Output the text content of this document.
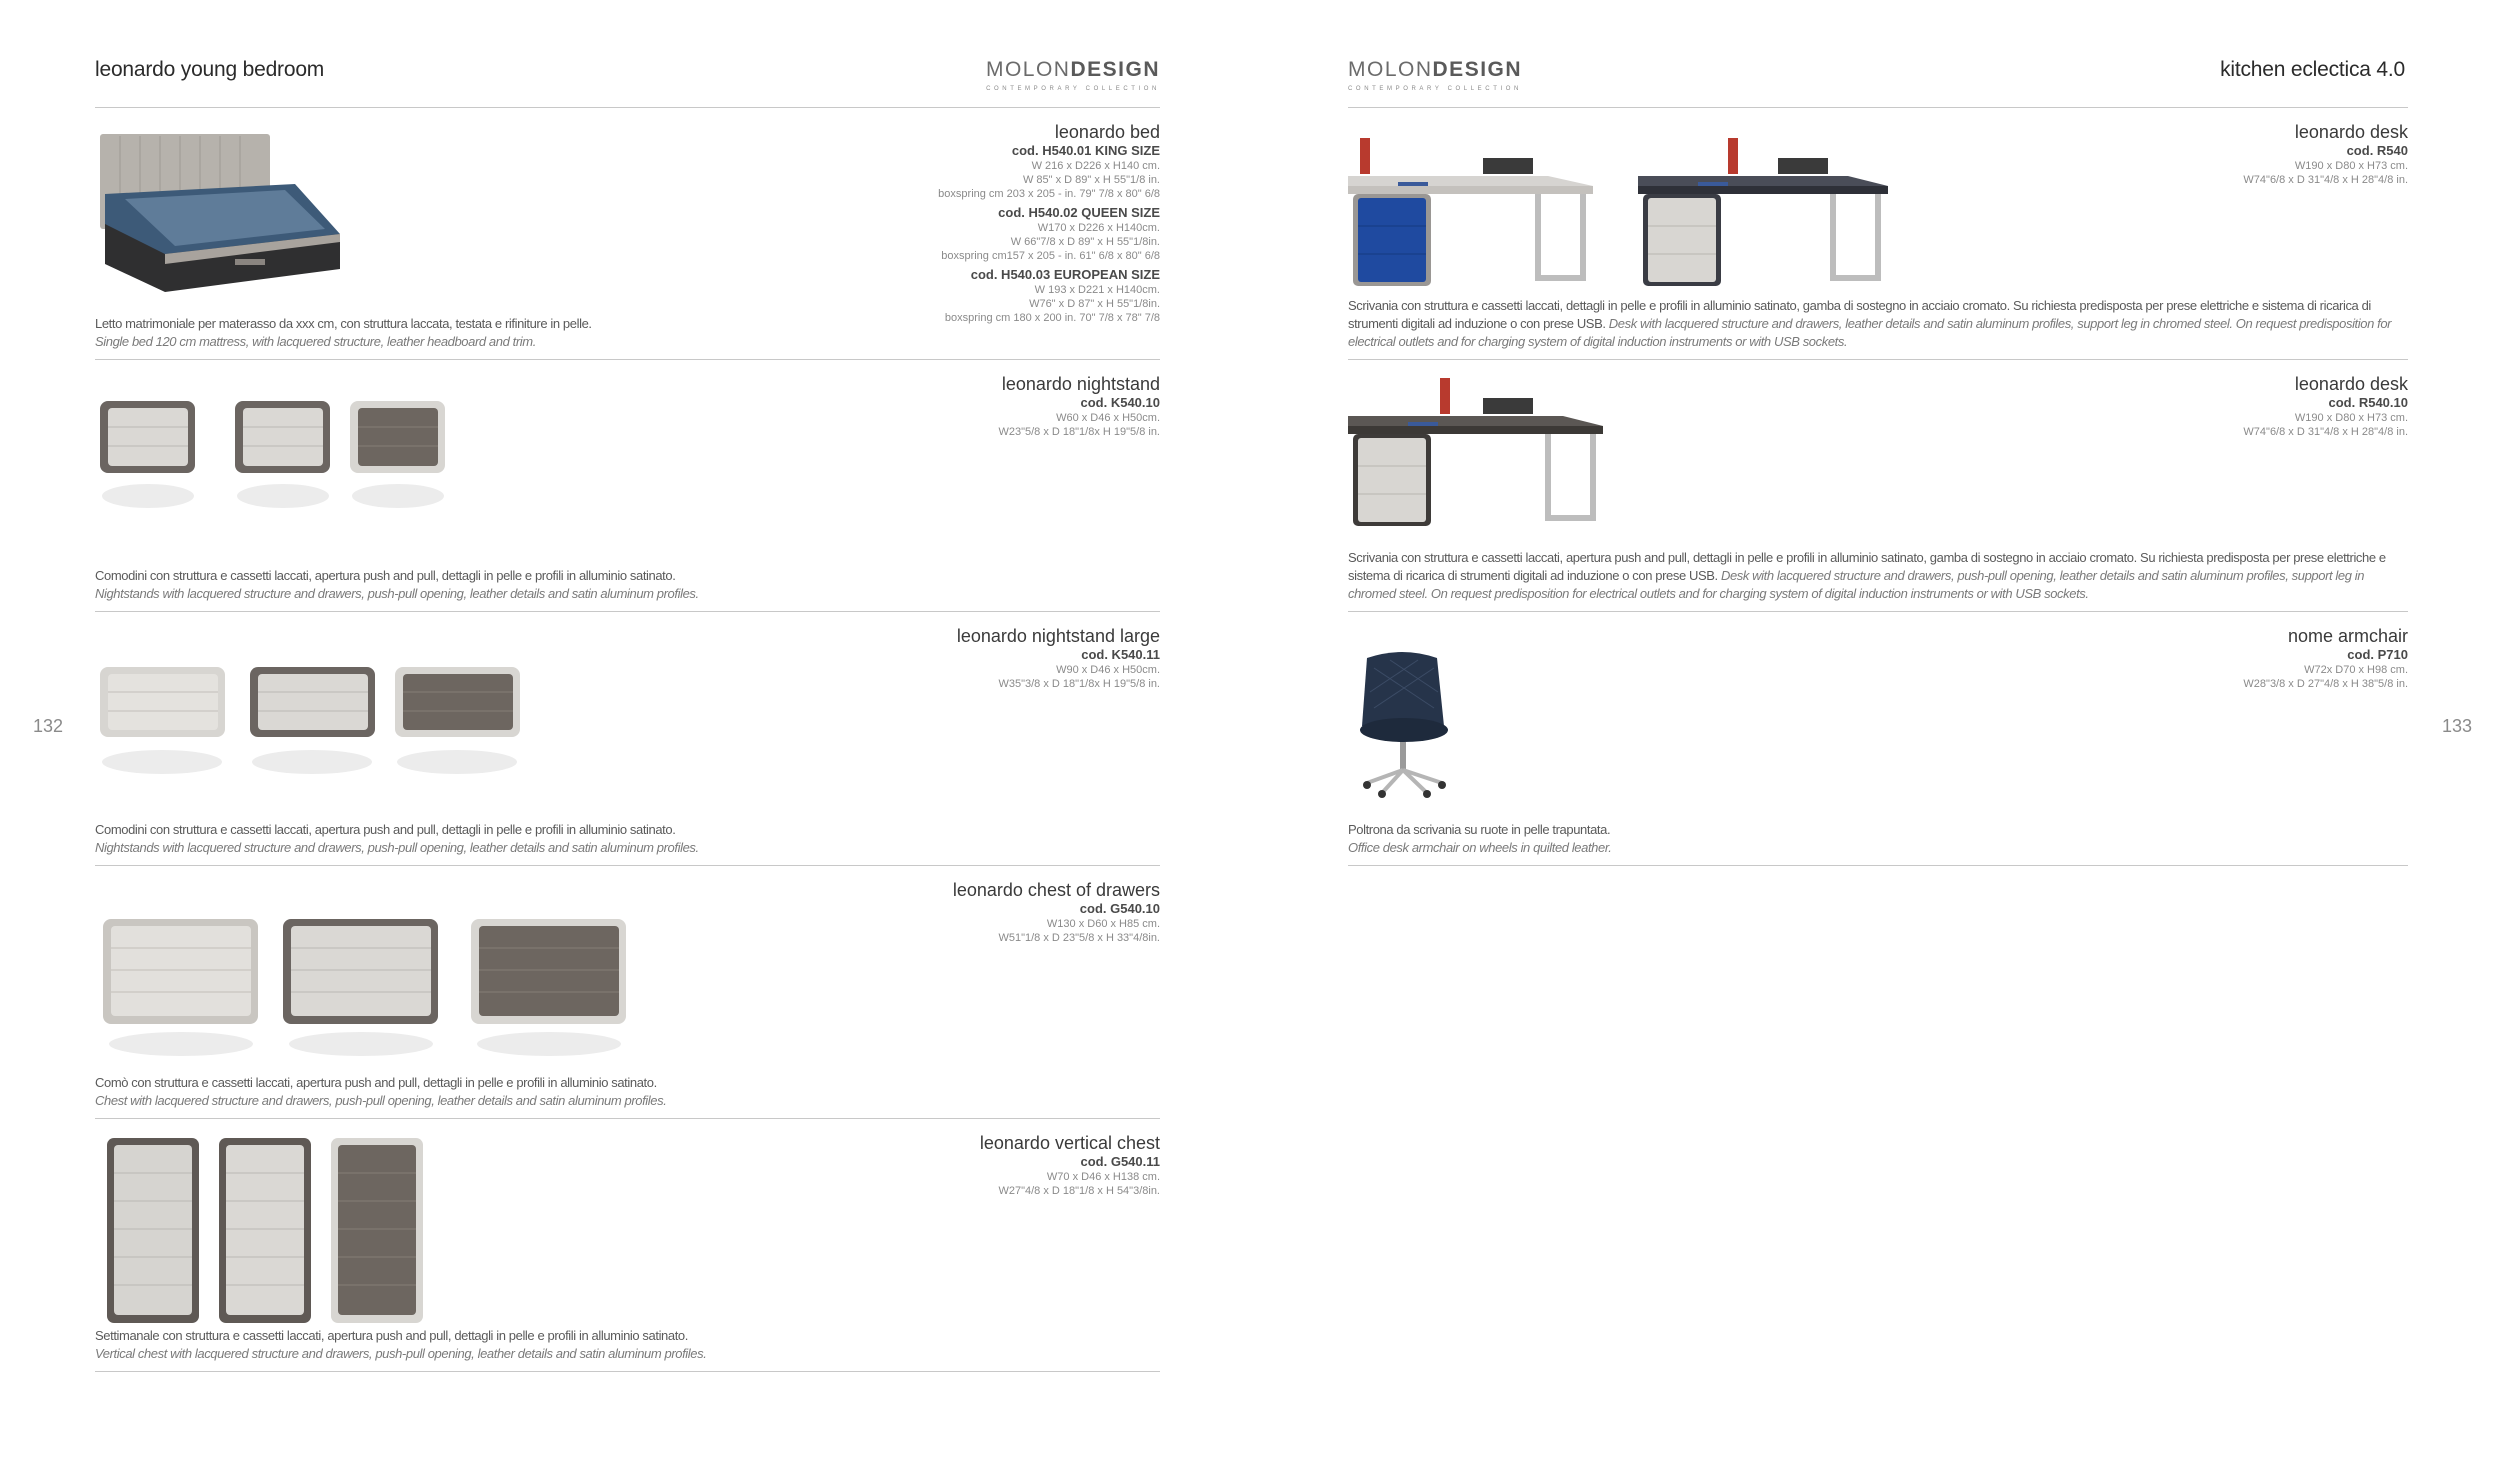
leonardo young bedroom	MOLONDESIGN
CONTEMPORARY COLLECTION
132
leonardo bed
cod. H540.01 KING SIZE
W 216 x D226 x H140 cm.
W 85" x D 89" x H 55"1/8 in.
boxspring cm 203 x 205 - in. 79" 7/8 x 80" 6/8
cod. H540.02 QUEEN SIZE
W170 x D226 x H140cm.
W 66"7/8 x D 89" x H 55"1/8in.
boxspring cm157 x 205 - in. 61" 6/8 x 80" 6/8
cod. H540.03 EUROPEAN SIZE
W 193 x D221 x H140cm.
W76" x D 87" x H 55"1/8in.
boxspring cm 180 x 200 in. 70" 7/8 x 78" 7/8
Letto matrimoniale per materasso da xxx cm, con struttura laccata, testata e rifiniture in pelle.
Single bed 120 cm mattress, with lacquered structure, leather headboard and trim.
leonardo nightstand
cod. K540.10
W60 x D46 x H50cm.
W23"5/8 x D 18"1/8x H 19"5/8 in.
Comodini con struttura e cassetti laccati, apertura push and pull, dettagli in pelle e profili in alluminio satinato.
Nightstands with lacquered structure and drawers, push-pull opening, leather details and satin aluminum profiles.
leonardo nightstand large
cod. K540.11
W90 x D46 x H50cm.
W35"3/8 x D 18"1/8x H 19"5/8 in.
Comodini con struttura e cassetti laccati, apertura push and pull, dettagli in pelle e profili in alluminio satinato.
Nightstands with lacquered structure and drawers, push-pull opening, leather details and satin aluminum profiles.
leonardo chest of drawers
cod. G540.10
W130 x D60 x H85 cm.
W51"1/8 x D 23"5/8 x H 33"4/8in.
Comò con struttura e cassetti laccati, apertura push and pull, dettagli in pelle e profili in alluminio satinato.
Chest with lacquered structure and drawers, push-pull opening, leather details and satin aluminum profiles.
leonardo vertical chest
cod. G540.11
W70 x D46 x H138 cm.
W27"4/8 x D 18"1/8 x H 54"3/8in.
Settimanale con struttura e cassetti laccati, apertura push and pull, dettagli in pelle e profili in alluminio satinato.
Vertical chest with lacquered structure and drawers, push-pull opening, leather details and satin aluminum profiles.
MOLONDESIGN
CONTEMPORARY COLLECTION
kitchen eclectica 4.0
133
leonardo desk
cod. R540
W190 x D80 x H73 cm.
W74"6/8 x D 31"4/8 x H 28"4/8 in.
Scrivania con struttura e cassetti laccati, dettagli in pelle e profili in alluminio satinato, gamba di sostegno in acciaio cromato. Su richiesta predisposta per prese elettriche e sistema di ricarica di strumenti digitali ad induzione o con prese USB. Desk with lacquered structure and drawers, leather details and satin aluminum profiles, support leg in chromed steel. On request predisposition for electrical outlets and for charging system of digital induction instruments or with USB sockets.
leonardo desk
cod. R540.10
W190 x D80 x H73 cm.
W74"6/8 x D 31"4/8 x H 28"4/8 in.
Scrivania con struttura e cassetti laccati, apertura push and pull, dettagli in pelle e profili in alluminio satinato, gamba di sostegno in acciaio cromato. Su richiesta predisposta per prese elettriche e sistema di ricarica di strumenti digitali ad induzione o con prese USB. Desk with lacquered structure and drawers, push-pull opening, leather details and satin aluminum profiles, support leg in chromed steel. On request predisposition for electrical outlets and for charging system of digital induction instruments or with USB sockets.
nome armchair
cod. P710
W72x D70 x H98 cm.
W28"3/8 x D 27"4/8 x H 38"5/8 in.
Poltrona da scrivania su ruote in pelle trapuntata.
Office desk armchair on wheels in quilted leather.
